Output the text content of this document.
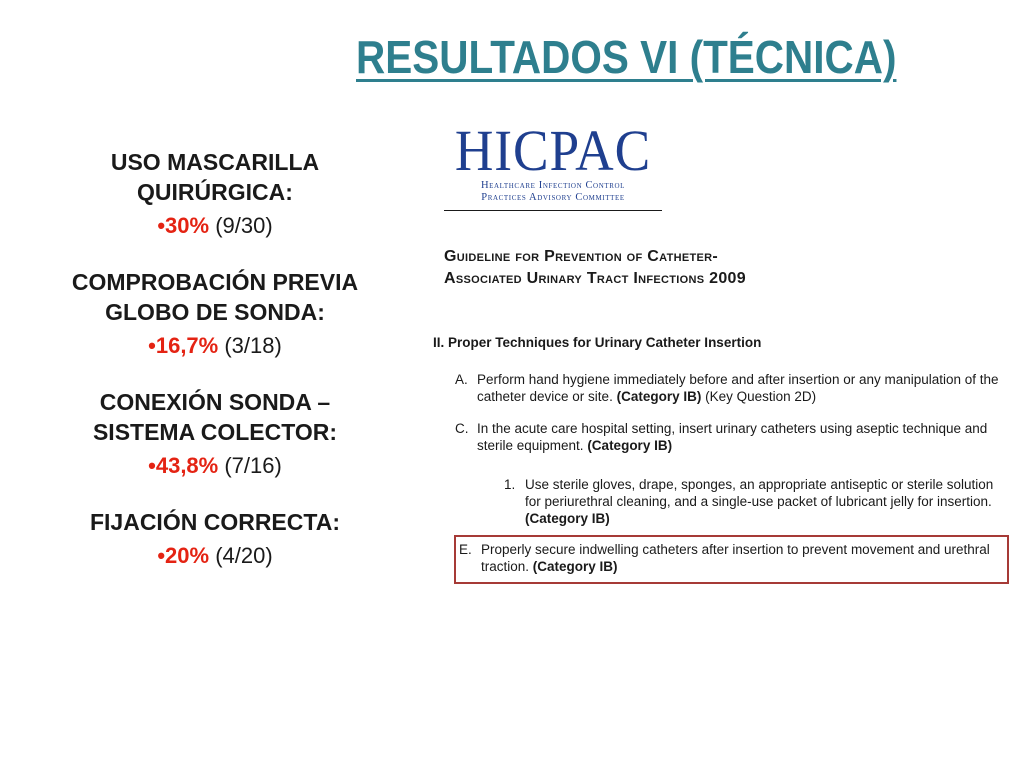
RESULTADOS VI (TÉCNICA)
USO MASCARILLA QUIRÚRGICA:
•30% (9/30)
COMPROBACIÓN PREVIA GLOBO DE SONDA:
•16,7% (3/18)
CONEXIÓN SONDA – SISTEMA COLECTOR:
•43,8% (7/16)
FIJACIÓN CORRECTA:
•20% (4/20)
HICPAC
Healthcare Infection Control
Practices Advisory Committee
Guideline for Prevention of Catheter-
Associated Urinary Tract Infections 2009
II. Proper Techniques for Urinary Catheter Insertion
A. Perform hand hygiene immediately before and after insertion or any manipulation of the
catheter device or site. (Category IB) (Key Question 2D)
C. In the acute care hospital setting, insert urinary catheters using aseptic technique and
sterile equipment. (Category IB)
1. Use sterile gloves, drape, sponges, an appropriate antiseptic or sterile solution
for periurethral cleaning, and a single-use packet of lubricant jelly for insertion.
(Category IB)
E. Properly secure indwelling catheters after insertion to prevent movement and urethral
traction. (Category IB)
